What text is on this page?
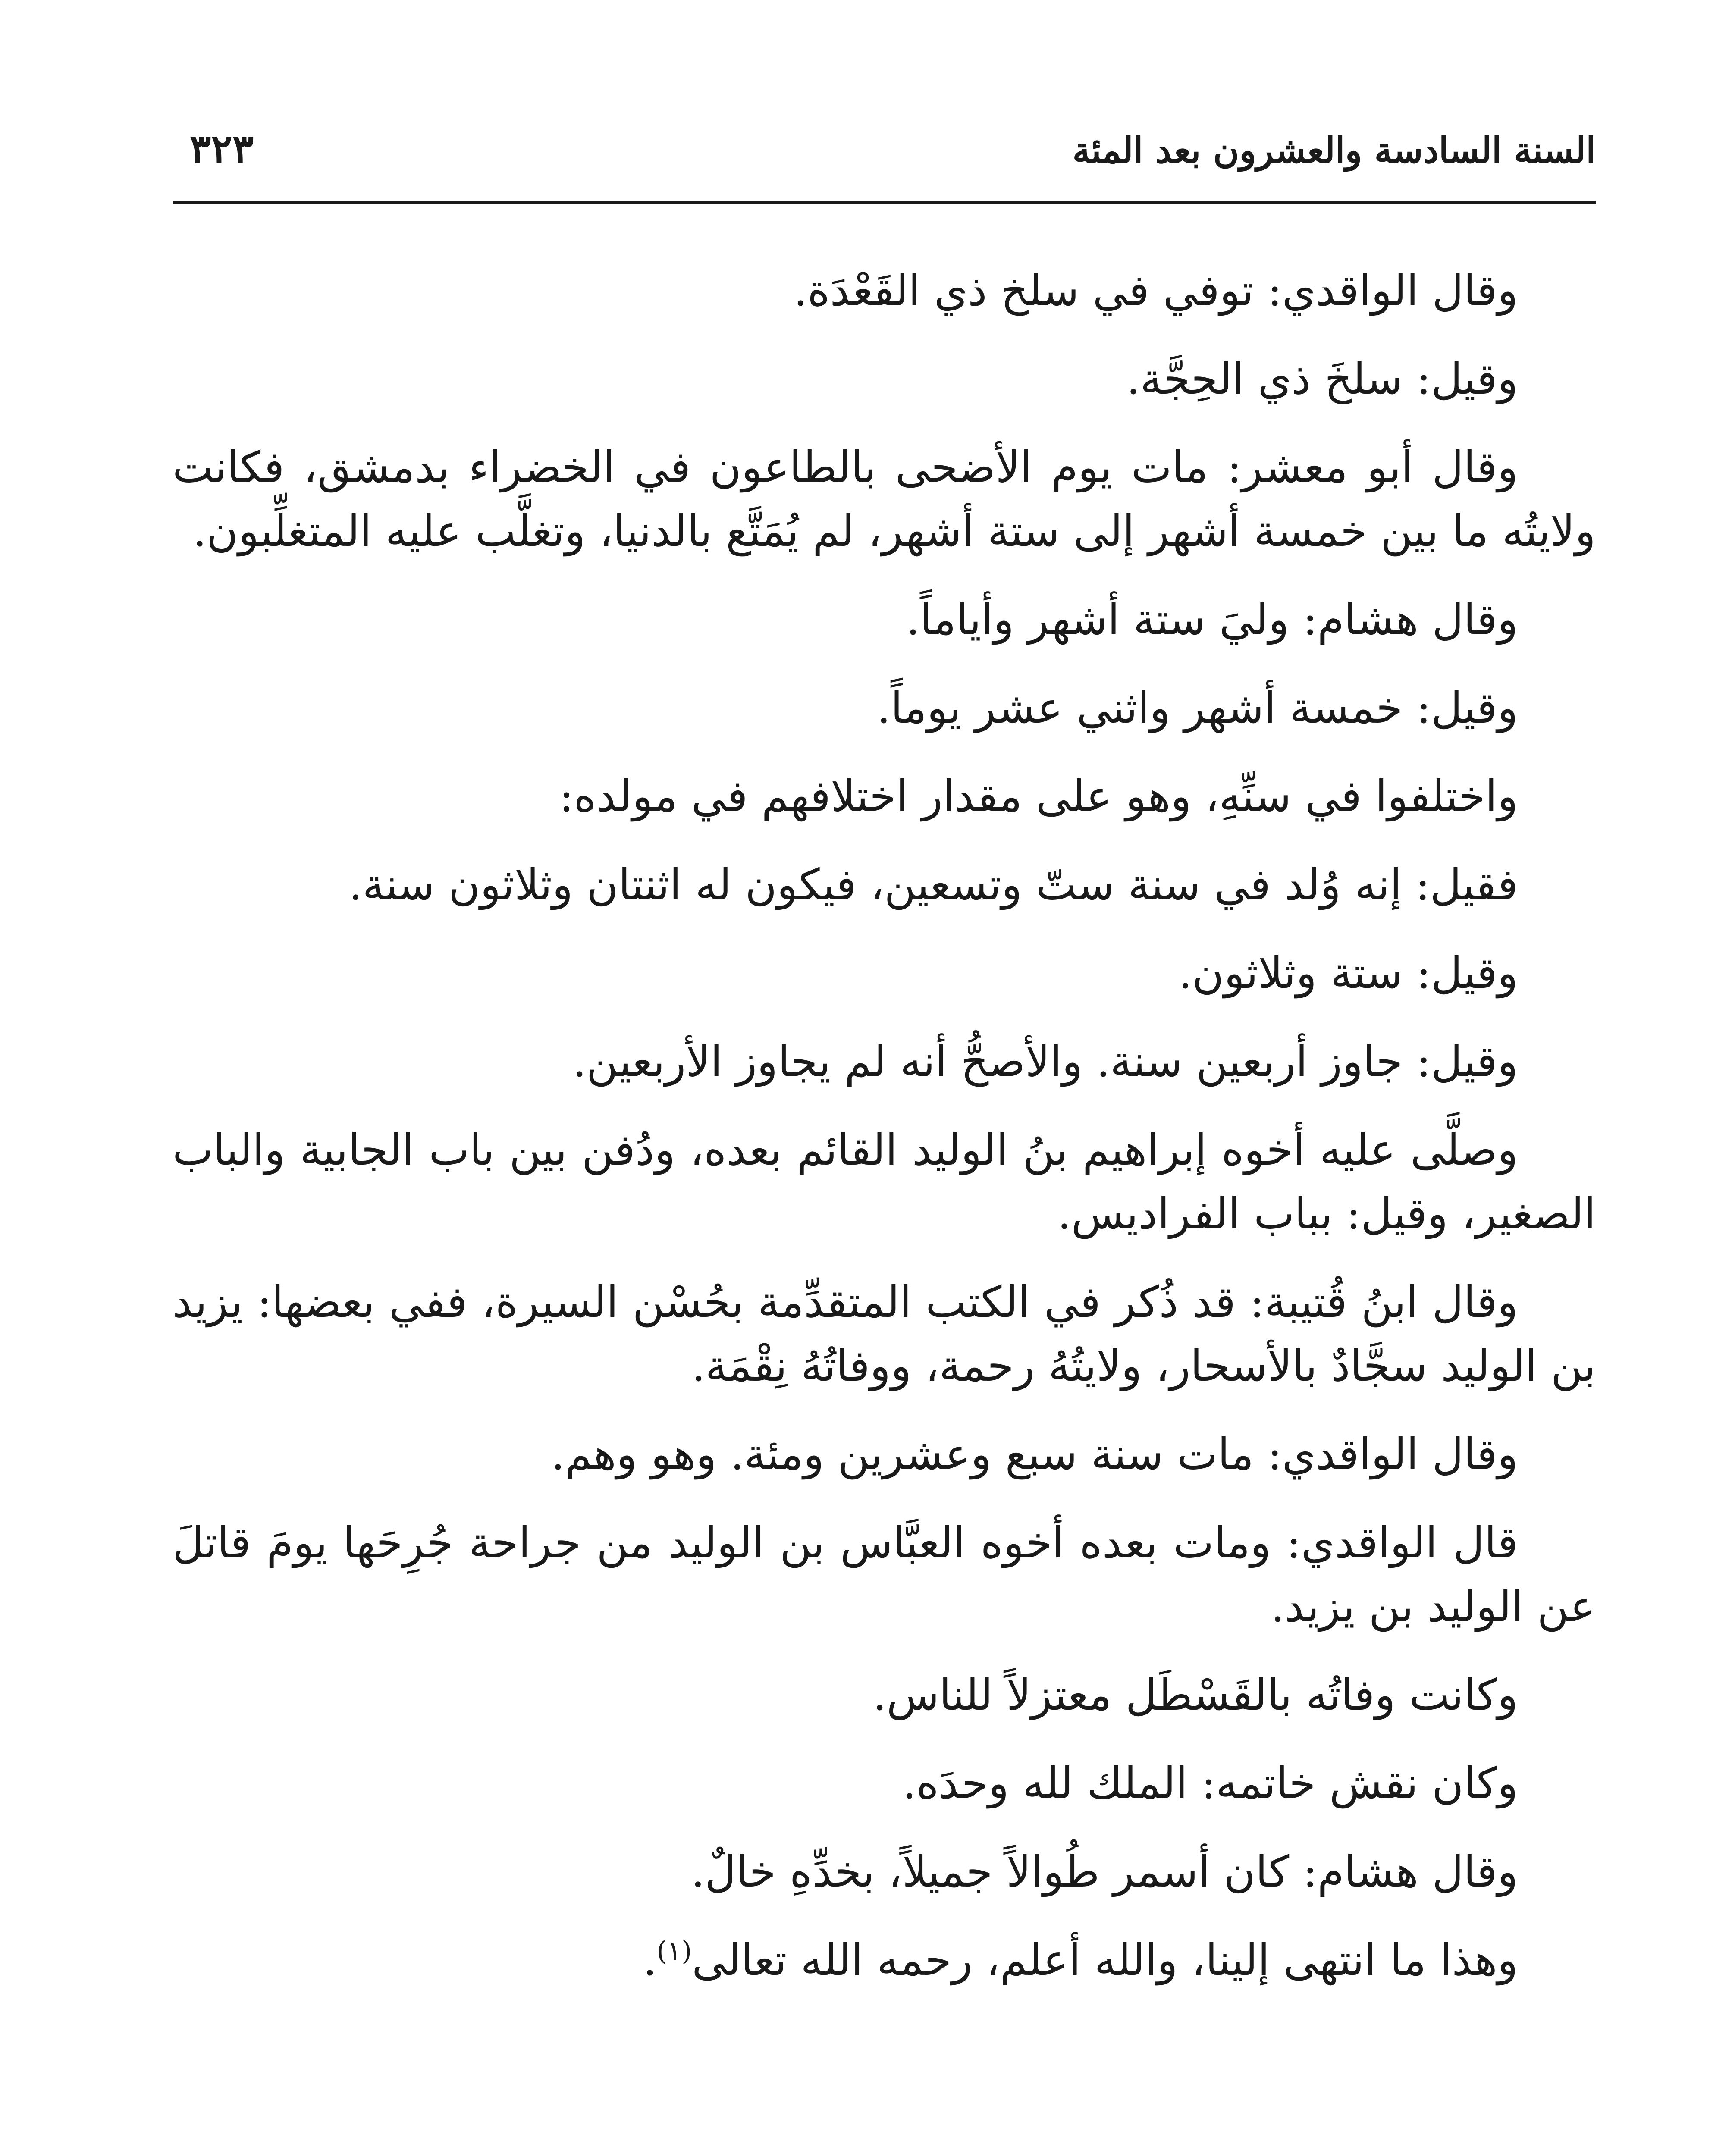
السنة السادسة والعشرون بعد المئة
٣٢٣

وقال الواقدي: توفي في سلخ ذي القَعْدَة.

وقيل: سلخَ ذي الحِجَّة.

وقال أبو معشر: مات يوم الأضحى بالطاعون في الخضراء بدمشق، فكانت ولايتُه ما بين خمسة أشهر إلى ستة أشهر، لم يُمَتَّع بالدنيا، وتغلَّب عليه المتغلِّبون.

وقال هشام: وليَ ستة أشهر وأياماً.

وقيل: خمسة أشهر واثني عشر يوماً.

واختلفوا في سنِّهِ، وهو على مقدار اختلافهم في مولده:

فقيل: إنه وُلد في سنة ستّ وتسعين، فيكون له اثنتان وثلاثون سنة.

وقيل: ستة وثلاثون.

وقيل: جاوز أربعين سنة. والأصحُّ أنه لم يجاوز الأربعين.

وصلَّى عليه أخوه إبراهيم بنُ الوليد القائم بعده، ودُفن بين باب الجابية والباب الصغير، وقيل: بباب الفراديس.

وقال ابنُ قُتيبة: قد ذُكر في الكتب المتقدِّمة بحُسْن السيرة، ففي بعضها: يزيد بن الوليد سجَّادٌ بالأسحار، ولايتُهُ رحمة، ووفاتُهُ نِقْمَة.

وقال الواقدي: مات سنة سبع وعشرين ومئة. وهو وهم.

قال الواقدي: ومات بعده أخوه العبَّاس بن الوليد من جراحة جُرِحَها يومَ قاتلَ عن الوليد بن يزيد.

وكانت وفاتُه بالقَسْطَل معتزلاً للناس.

وكان نقش خاتمه: الملك لله وحدَه.

وقال هشام: كان أسمر طُوالاً جميلاً، بخدِّهِ خالٌ.

وهذا ما انتهى إلينا، والله أعلم، رحمه الله تعالى$^{(١)}$.
